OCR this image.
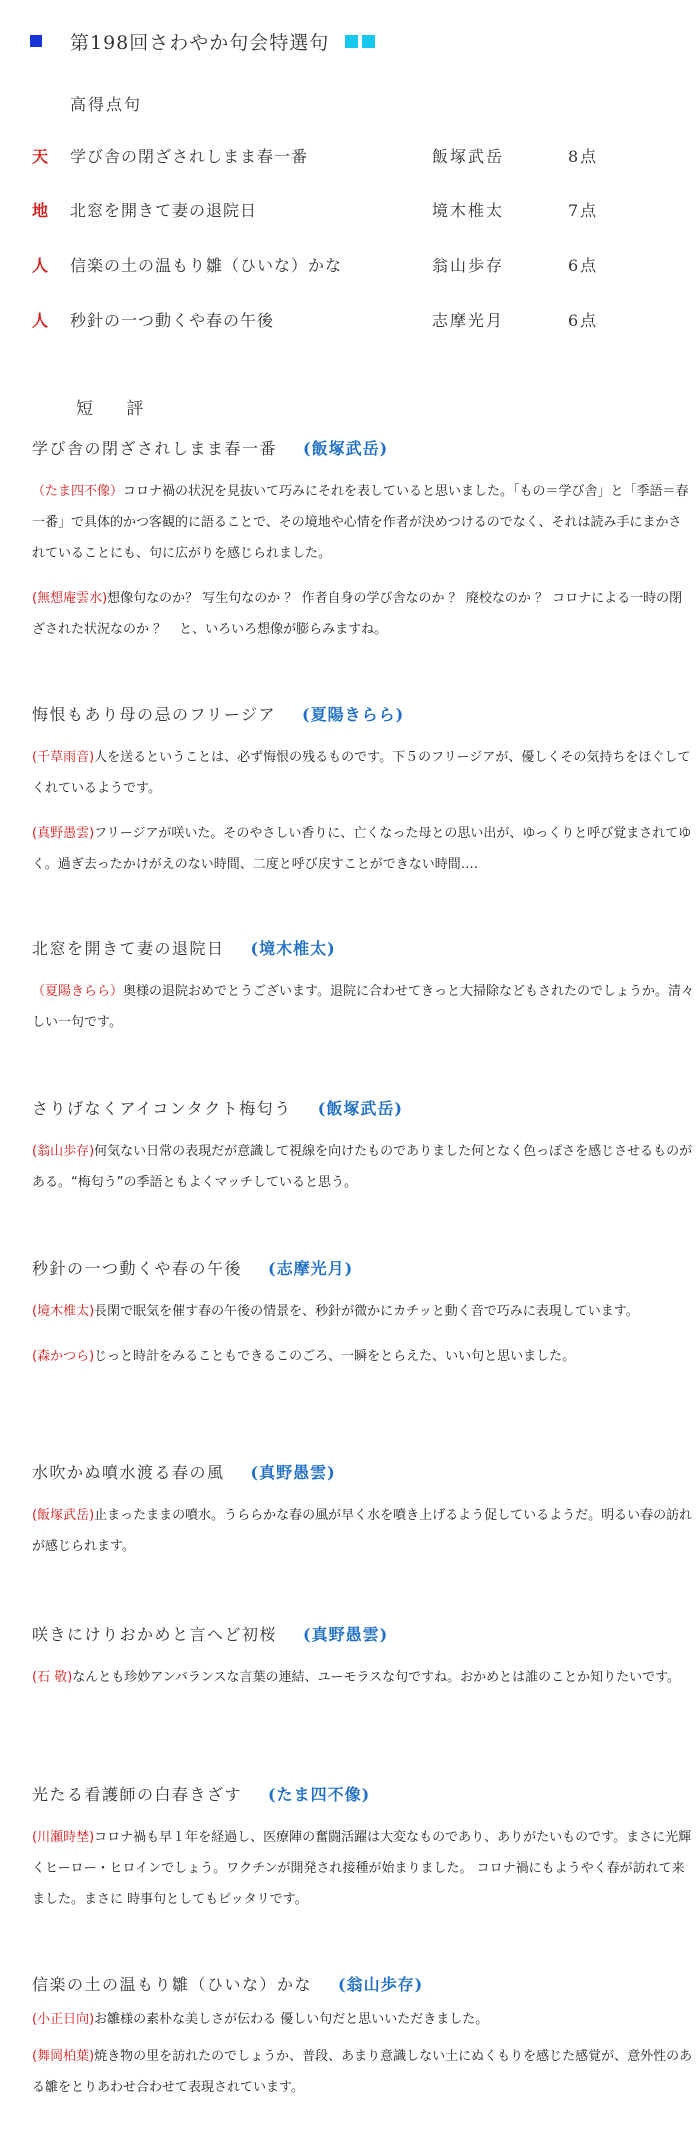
第198回さわやか句会特選句
高得点句
天 学び舎の閉ざされしまま春一番	飯塚武岳	8点
地 北窓を開きて妻の退院日	境木椎太	7点
人 信楽の土の温もり雛（ひいな）かな	翁山歩存	6点
人 秒針の一つ動くや春の午後	志摩光月	6点
短 評
学び舎の閉ざされしまま春一番 (飯塚武岳)
（たま四不像）コロナ禍の状況を見抜いて巧みにそれを表していると思いました。「もの＝学び舎」と「季語＝春一番」で具体的かつ客観的に語ることで、その境地や心情を作者が決めつけるのでなく、それは読み手にまかされていることにも、句に広がりを感じられました。
(無想庵雲水)想像句なのか？ 写生句なのか ？ 作者自身の学び舎なのか ？ 廃校なのか ？ コロナによる一時の閉ざされた状況なのか ？　と、いろいろ想像が膨らみますね。
悔恨もあり母の忌のフリージア (夏陽きらら)
(千草雨音)人を送るということは、必ず悔恨の残るものです。下５のフリージアが、優しくその気持ちをほぐしてくれているようです。
(真野愚雲)フリージアが咲いた。そのやさしい香りに、亡くなった母との思い出が、ゆっくりと呼び覚まされてゆく。過ぎ去ったかけがえのない時間、二度と呼び戻すことができない時間‥‥
北窓を開きて妻の退院日 (境木椎太)
（夏陽きらら）奥様の退院おめでとうございます。退院に合わせてきっと大掃除などもされたのでしょうか。清々しい一句です。
さりげなくアイコンタクト梅匂う (飯塚武岳)
(翁山歩存)何気ない日常の表現だが意識して視線を向けたものでありました何となく色っぽさを感じさせるものがある。“梅匂う”の季語ともよくマッチしていると思う。
秒針の一つ動くや春の午後 (志摩光月)
(境木椎太)長閑で眠気を催す春の午後の情景を、秒針が微かにカチッと動く音で巧みに表現しています。
(森かつら)じっと時計をみることもできるこのごろ、一瞬をとらえた、いい句と思いました。
水吹かぬ噴水渡る春の風 (真野愚雲)
(飯塚武岳)止まったままの噴水。うららかな春の風が早く水を噴き上げるよう促しているようだ。明るい春の訪れが感じられます。
咲きにけりおかめと言へど初桜 (真野愚雲)
(石 敬)なんとも珍妙アンバランスな言葉の連結、ユーモラスな句ですね。おかめとは誰のことか知りたいです。
光たる看護師の白春きざす (たま四不像)
(川瀬時埜)コロナ禍も早１年を経過し、医療陣の奮闘活躍は大変なものであり、ありがたいものです。まさに光輝くヒーロー・ヒロインでしょう。ワクチンが開発され接種が始まりました。 コロナ禍にもようやく春が訪れて来ました。まさに 時事句としてもピッタリです。
信楽の土の温もり雛（ひいな）かな (翁山歩存)
(小正日向)お雛様の素朴な美しさが伝わる 優しい句だと思いいただきました。
(舞岡柏葉)焼き物の里を訪れたのでしょうか、普段、あまり意識しない土にぬくもりを感じた感覚が、意外性のある雛をとりあわせ合わせて表現されています。
